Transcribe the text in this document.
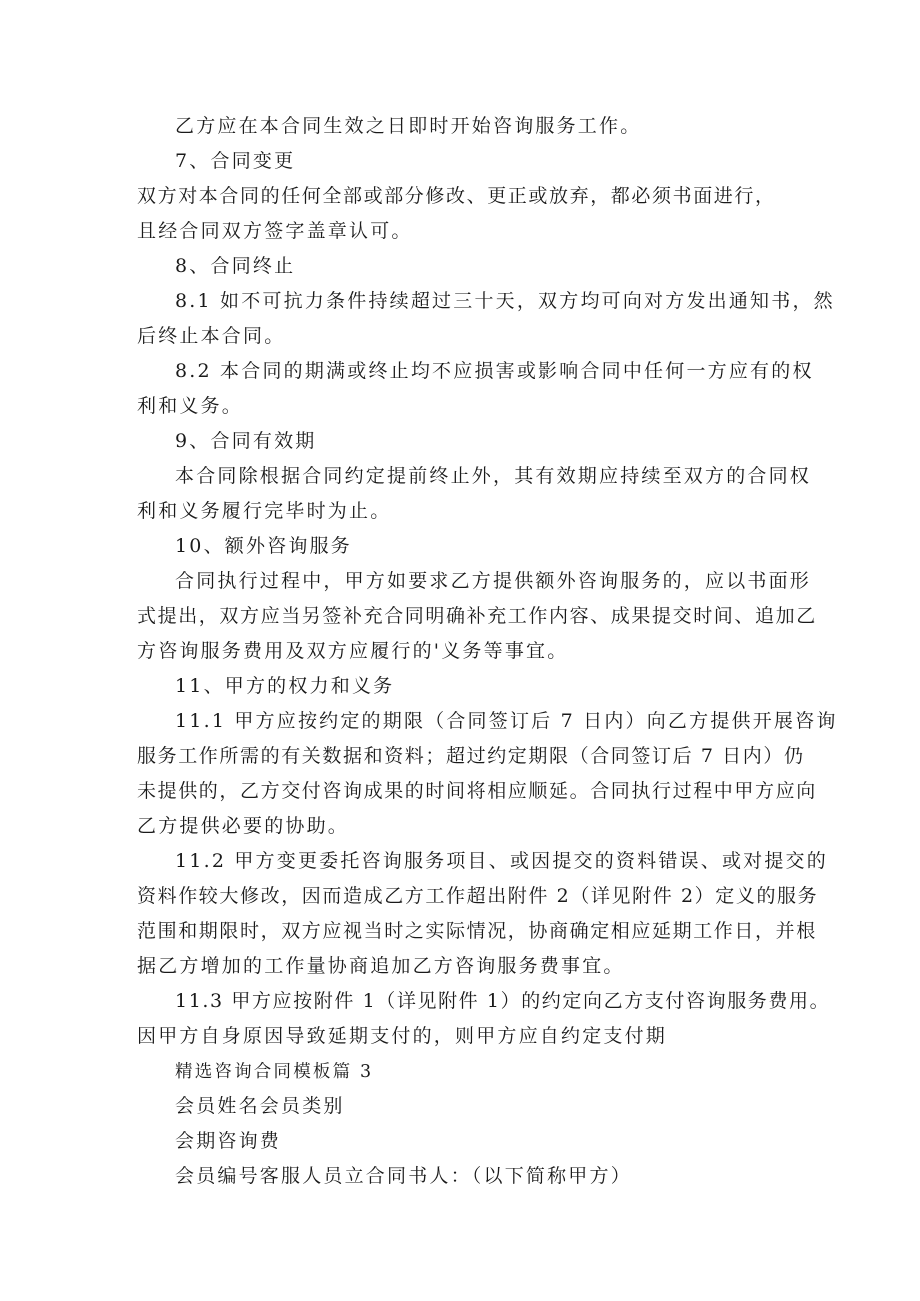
乙方应在本合同生效之日即时开始咨询服务工作。
7、合同变更
双方对本合同的任何全部或部分修改、更正或放弃，都必须书面进行，
且经合同双方签字盖章认可。
8、合同终止
8.1 如不可抗力条件持续超过三十天，双方均可向对方发出通知书，然
后终止本合同。
8.2 本合同的期满或终止均不应损害或影响合同中任何一方应有的权
利和义务。
9、合同有效期
本合同除根据合同约定提前终止外，其有效期应持续至双方的合同权
利和义务履行完毕时为止。
10、额外咨询服务
合同执行过程中，甲方如要求乙方提供额外咨询服务的，应以书面形
式提出，双方应当另签补充合同明确补充工作内容、成果提交时间、追加乙
方咨询服务费用及双方应履行的'义务等事宜。
11、甲方的权力和义务
11.1 甲方应按约定的期限（合同签订后 7 日内）向乙方提供开展咨询
服务工作所需的有关数据和资料；超过约定期限（合同签订后 7 日内）仍
未提供的，乙方交付咨询成果的时间将相应顺延。合同执行过程中甲方应向
乙方提供必要的协助。
11.2 甲方变更委托咨询服务项目、或因提交的资料错误、或对提交的
资料作较大修改，因而造成乙方工作超出附件 2（详见附件 2）定义的服务
范围和期限时，双方应视当时之实际情况，协商确定相应延期工作日，并根
据乙方增加的工作量协商追加乙方咨询服务费事宜。
11.3 甲方应按附件 1（详见附件 1）的约定向乙方支付咨询服务费用。
因甲方自身原因导致延期支付的，则甲方应自约定支付期
精选咨询合同模板篇 3
会员姓名会员类别
会期咨询费
会员编号客服人员立合同书人：（以下简称甲方）
